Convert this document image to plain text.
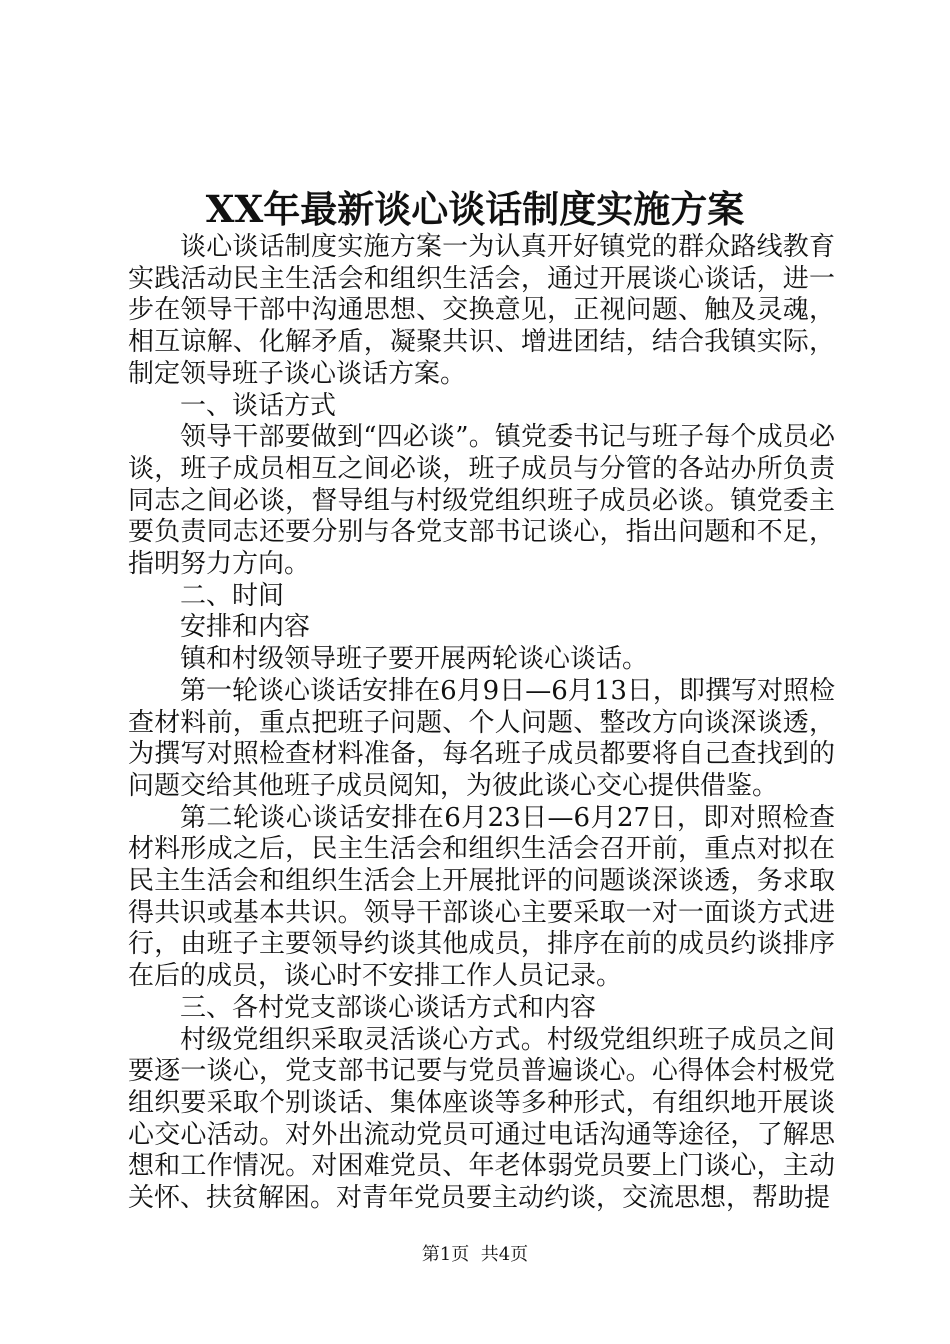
XX年最新谈心谈话制度实施方案

谈心谈话制度实施方案一为认真开好镇党的群众路线教育实践活动民主生活会和组织生活会，通过开展谈心谈话，进一步在领导干部中沟通思想、交换意见，正视问题、触及灵魂，相互谅解、化解矛盾，凝聚共识、增进团结，结合我镇实际，制定领导班子谈心谈话方案。

一、谈话方式

领导干部要做到“四必谈”。镇党委书记与班子每个成员必谈，班子成员相互之间必谈，班子成员与分管的各站办所负责同志之间必谈，督导组与村级党组织班子成员必谈。镇党委主要负责同志还要分别与各党支部书记谈心，指出问题和不足，指明努力方向。

二、时间

安排和内容

镇和村级领导班子要开展两轮谈心谈话。

第一轮谈心谈话安排在6月9日—6月13日，即撰写对照检查材料前，重点把班子问题、个人问题、整改方向谈深谈透，为撰写对照检查材料准备，每名班子成员都要将自己查找到的问题交给其他班子成员阅知，为彼此谈心交心提供借鉴。

第二轮谈心谈话安排在6月23日—6月27日，即对照检查材料形成之后，民主生活会和组织生活会召开前，重点对拟在民主生活会和组织生活会上开展批评的问题谈深谈透，务求取得共识或基本共识。领导干部谈心主要采取一对一面谈方式进行，由班子主要领导约谈其他成员，排序在前的成员约谈排序在后的成员，谈心时不安排工作人员记录。

三、各村党支部谈心谈话方式和内容

村级党组织采取灵活谈心方式。村级党组织班子成员之间要逐一谈心，党支部书记要与党员普遍谈心。心得体会村极党组织要采取个别谈话、集体座谈等多种形式，有组织地开展谈心交心活动。对外出流动党员可通过电话沟通等途径，了解思想和工作情况。对困难党员、年老体弱党员要上门谈心，主动关怀、扶贫解困。对青年党员要主动约谈，交流思想，帮助提

第1页  共4页
